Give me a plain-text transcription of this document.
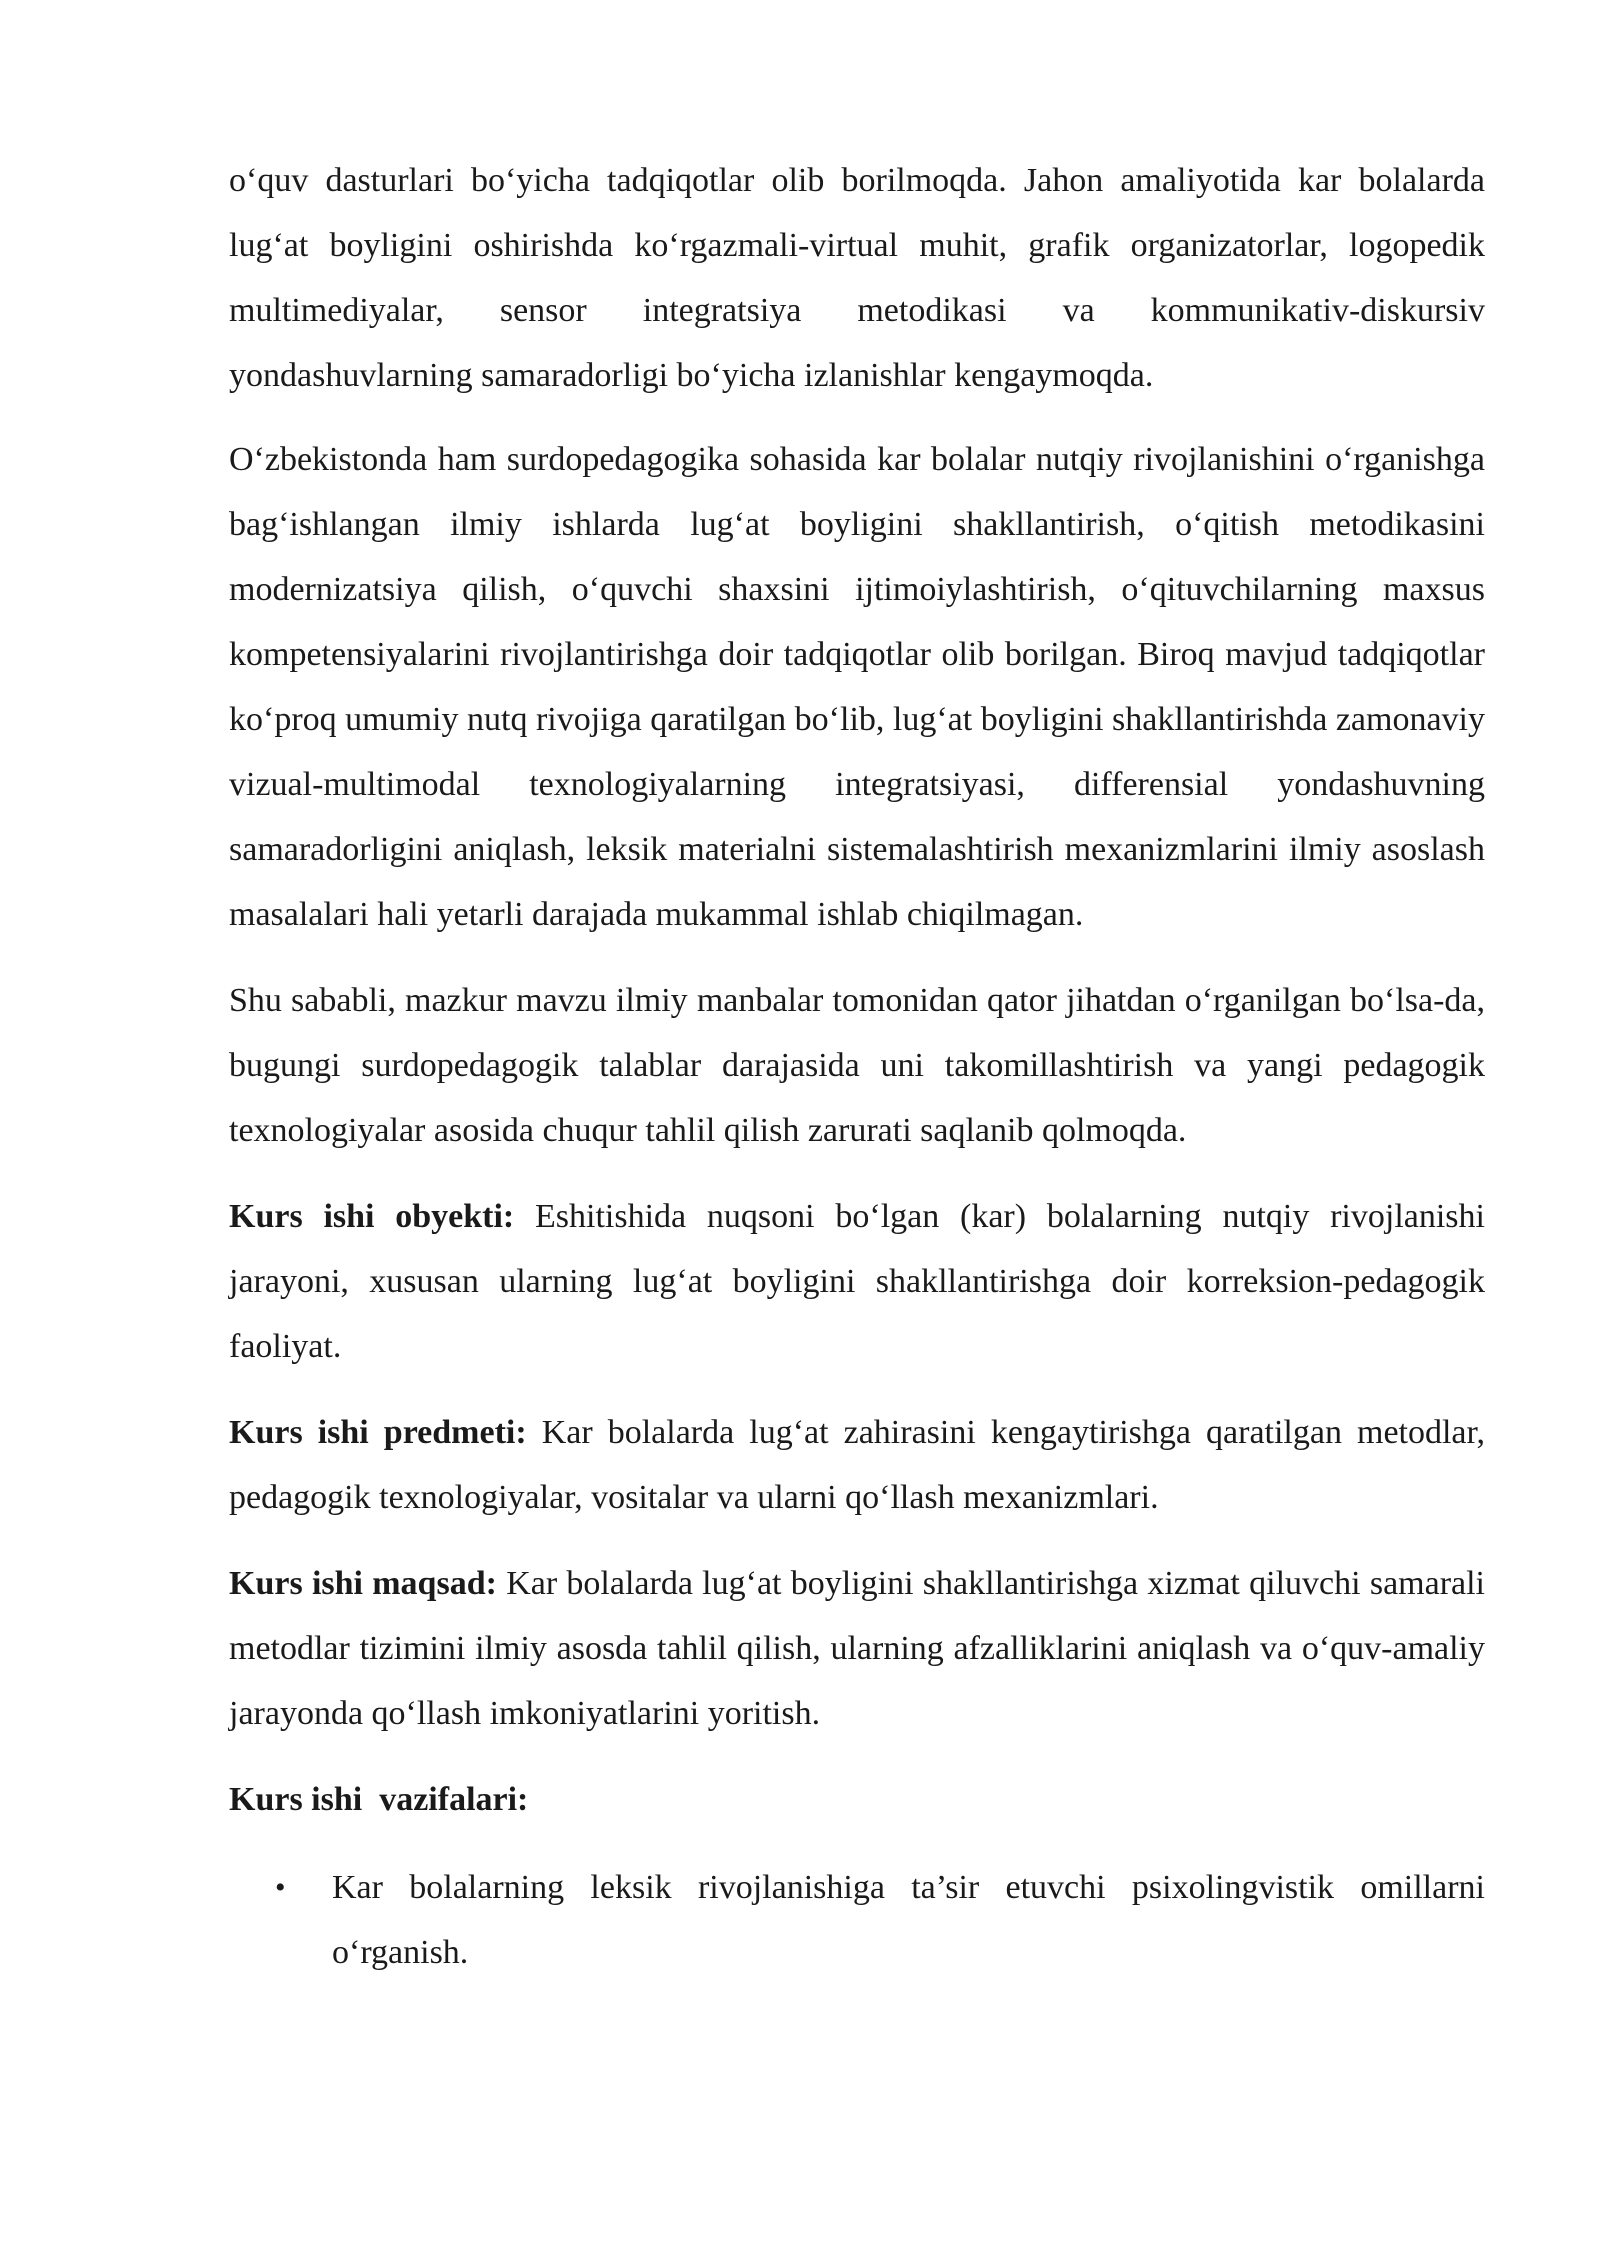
o‘quv dasturlari bo‘yicha tadqiqotlar olib borilmoqda. Jahon amaliyotida kar bolalarda lug‘at boyligini oshirishda ko‘rgazmali-virtual muhit, grafik organizatorlar, logopedik multimediyalar, sensor integratsiya metodikasi va kommunikativ-diskursiv yondashuvlarning samaradorligi bo‘yicha izlanishlar kengaymoqda.

O‘zbekistonda ham surdopedagogika sohasida kar bolalar nutqiy rivojlanishini o‘rganishga bag‘ishlangan ilmiy ishlarda lug‘at boyligini shakllantirish, o‘qitish metodikasini modernizatsiya qilish, o‘quvchi shaxsini ijtimoiylashtirish, o‘qituvchilarning maxsus kompetensiyalarini rivojlantirishga doir tadqiqotlar olib borilgan. Biroq mavjud tadqiqotlar ko‘proq umumiy nutq rivojiga qaratilgan bo‘lib, lug‘at boyligini shakllantirishda zamonaviy vizual-multimodal texnologiyalarning integratsiyasi, differensial yondashuvning samaradorligini aniqlash, leksik materialni sistemalashtirish mexanizmlarini ilmiy asoslash masalalari hali yetarli darajada mukammal ishlab chiqilmagan.

Shu sababli, mazkur mavzu ilmiy manbalar tomonidan qator jihatdan o‘rganilgan bo‘lsa-da, bugungi surdopedagogik talablar darajasida uni takomillashtirish va yangi pedagogik texnologiyalar asosida chuqur tahlil qilish zarurati saqlanib qolmoqda.

Kurs ishi obyekti: Eshitishida nuqsoni bo‘lgan (kar) bolalarning nutqiy rivojlanishi jarayoni, xususan ularning lug‘at boyligini shakllantirishga doir korreksion-pedagogik faoliyat.

Kurs ishi predmeti: Kar bolalarda lug‘at zahirasini kengaytirishga qaratilgan metodlar, pedagogik texnologiyalar, vositalar va ularni qo‘llash mexanizmlari.

Kurs ishi maqsad: Kar bolalarda lug‘at boyligini shakllantirishga xizmat qiluvchi samarali metodlar tizimini ilmiy asosda tahlil qilish, ularning afzalliklarini aniqlash va o‘quv-amaliy jarayonda qo‘llash imkoniyatlarini yoritish.

Kurs ishi  vazifalari:

• Kar bolalarning leksik rivojlanishiga ta’sir etuvchi psixolingvistik omillarni o‘rganish.
